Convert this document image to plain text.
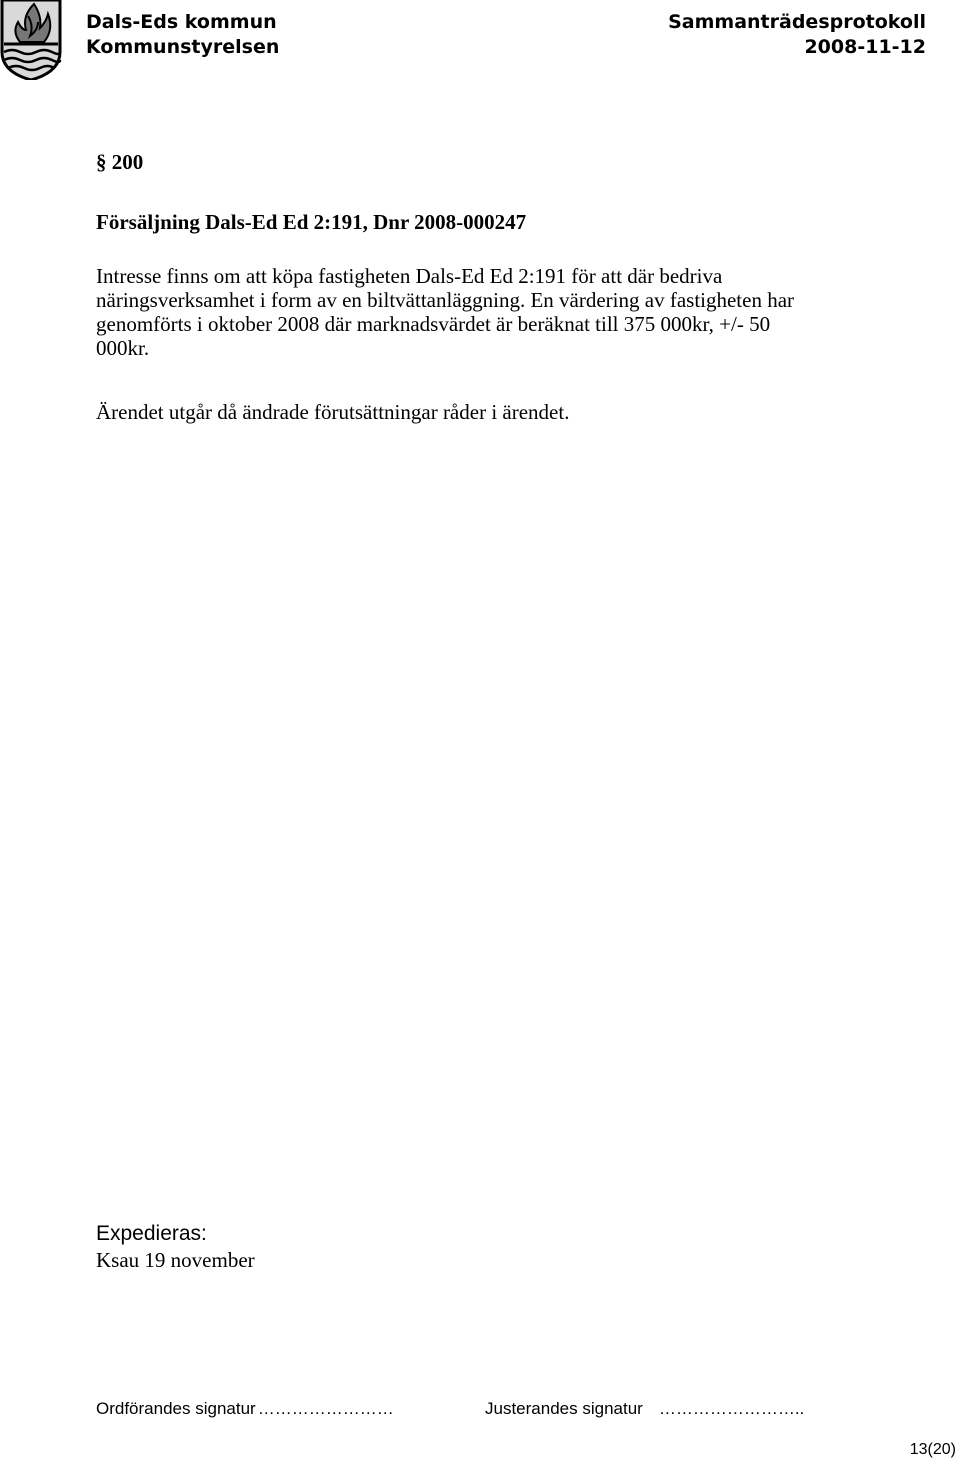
Dals-Eds kommun
Kommunstyrelsen
Sammanträdesprotokoll
2008-11-12
§ 200
Försäljning Dals-Ed Ed 2:191, Dnr 2008-000247

Intresse finns om att köpa fastigheten Dals-Ed Ed 2:191 för att där bedriva
näringsverksamhet i form av en biltvättanläggning. En värdering av fastigheten har
genomförts i oktober 2008 där marknadsvärdet är beräknat till 375 000kr, +/- 50
000kr.

Ärendet utgår då ändrade förutsättningar råder i ärendet.

Expedieras:
Ksau 19 november
Ordförandes signatur ……………………	Justerandes signatur ……………………..
13(20)
